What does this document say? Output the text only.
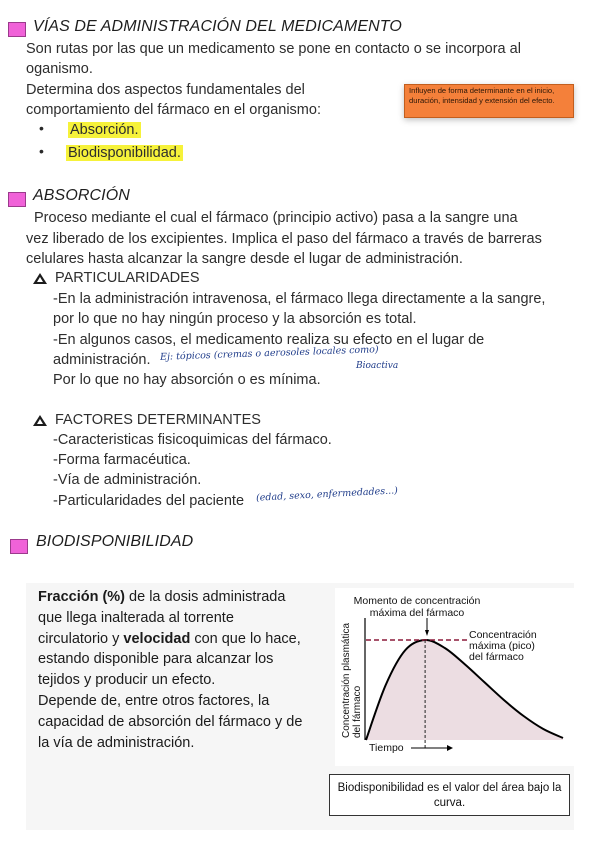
VÍAS DE ADMINISTRACIÓN DEL MEDICAMENTO
Son rutas por las que un medicamento se pone en contacto o se incorpora al
oganismo.
Determina dos aspectos fundamentales del
comportamiento del fármaco en el organismo:
• Absorción.
• Biodisponibilidad.
Influyen de forma determinante en el inicio, duración, intensidad y extensión del efecto.
ABSORCIÓN
Proceso mediante el cual el fármaco (principio activo) pasa a la sangre una
vez liberado de los excipientes. Implica el paso del fármaco a través de barreras
celulares hasta alcanzar la sangre desde el lugar de administración.
PARTICULARIDADES
-En la administración intravenosa, el fármaco llega directamente a la sangre,
por lo que no hay ningún proceso y la absorción es total.
-En algunos casos, el medicamento realiza su efecto en el lugar de
administración. Ej: tópicos (cremas o aerosoles locales como)
Bioactiva
Por lo que no hay absorción o es mínima.
FACTORES DETERMINANTES
-Caracteristicas fisicoquimicas del fármaco.
-Forma farmacéutica.
-Vía de administración.
-Particularidades del paciente (edad, sexo, enfermedades...)
BIODISPONIBILIDAD
Fracción (%) de la dosis administrada que llega inalterada al torrente circulatorio y velocidad con que lo hace, estando disponible para alcanzar los tejidos y producir un efecto.
Depende de, entre otros factores, la capacidad de absorción del fármaco y de la vía de administración.
Momento de concentración
máxima del fármaco
Concentración
máxima (pico)
del fármaco
Concentración plasmática del fármaco
Tiempo
Biodisponibilidad es el valor del área bajo la curva.
